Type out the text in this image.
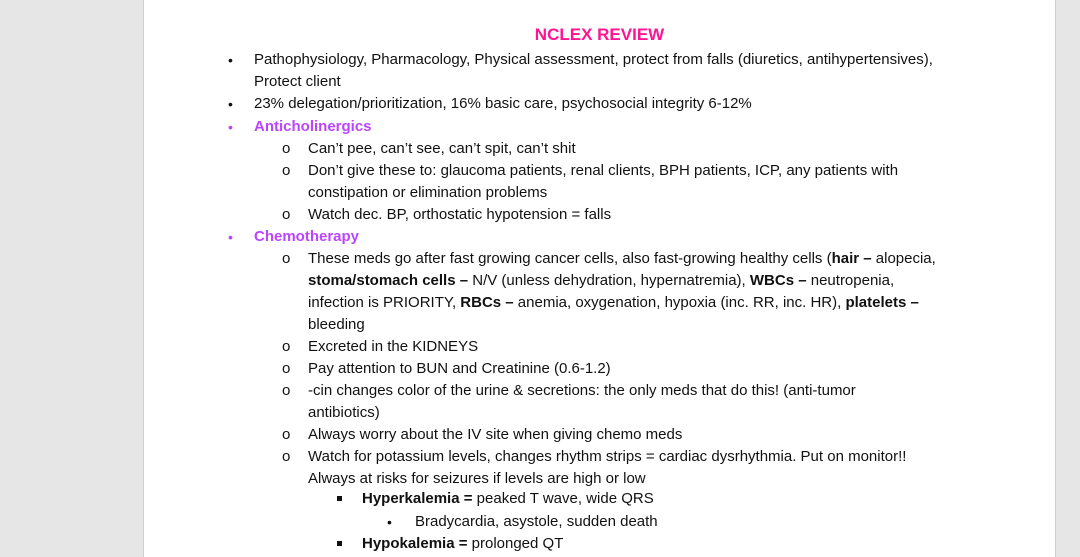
NCLEX REVIEW
• Pathophysiology, Pharmacology, Physical assessment, protect from falls (diuretics, antihypertensives),
Protect client
• 23% delegation/prioritization, 16% basic care, psychosocial integrity 6-12%
• Anticholinergics
o Can’t pee, can’t see, can’t spit, can’t shit
o Don’t give these to: glaucoma patients, renal clients, BPH patients, ICP, any patients with
constipation or elimination problems
o Watch dec. BP, orthostatic hypotension = falls
• Chemotherapy
o These meds go after fast growing cancer cells, also fast-growing healthy cells (hair – alopecia,
stoma/stomach cells – N/V (unless dehydration, hypernatremia), WBCs – neutropenia,
infection is PRIORITY, RBCs – anemia, oxygenation, hypoxia (inc. RR, inc. HR), platelets –
bleeding
o Excreted in the KIDNEYS
o Pay attention to BUN and Creatinine (0.6-1.2)
o -cin changes color of the urine & secretions: the only meds that do this! (anti-tumor
antibiotics)
o Always worry about the IV site when giving chemo meds
o Watch for potassium levels, changes rhythm strips = cardiac dysrhythmia. Put on monitor!!
Always at risks for seizures if levels are high or low
Hyperkalemia = peaked T wave, wide QRS
• Bradycardia, asystole, sudden death
Hypokalemia = prolonged QT
